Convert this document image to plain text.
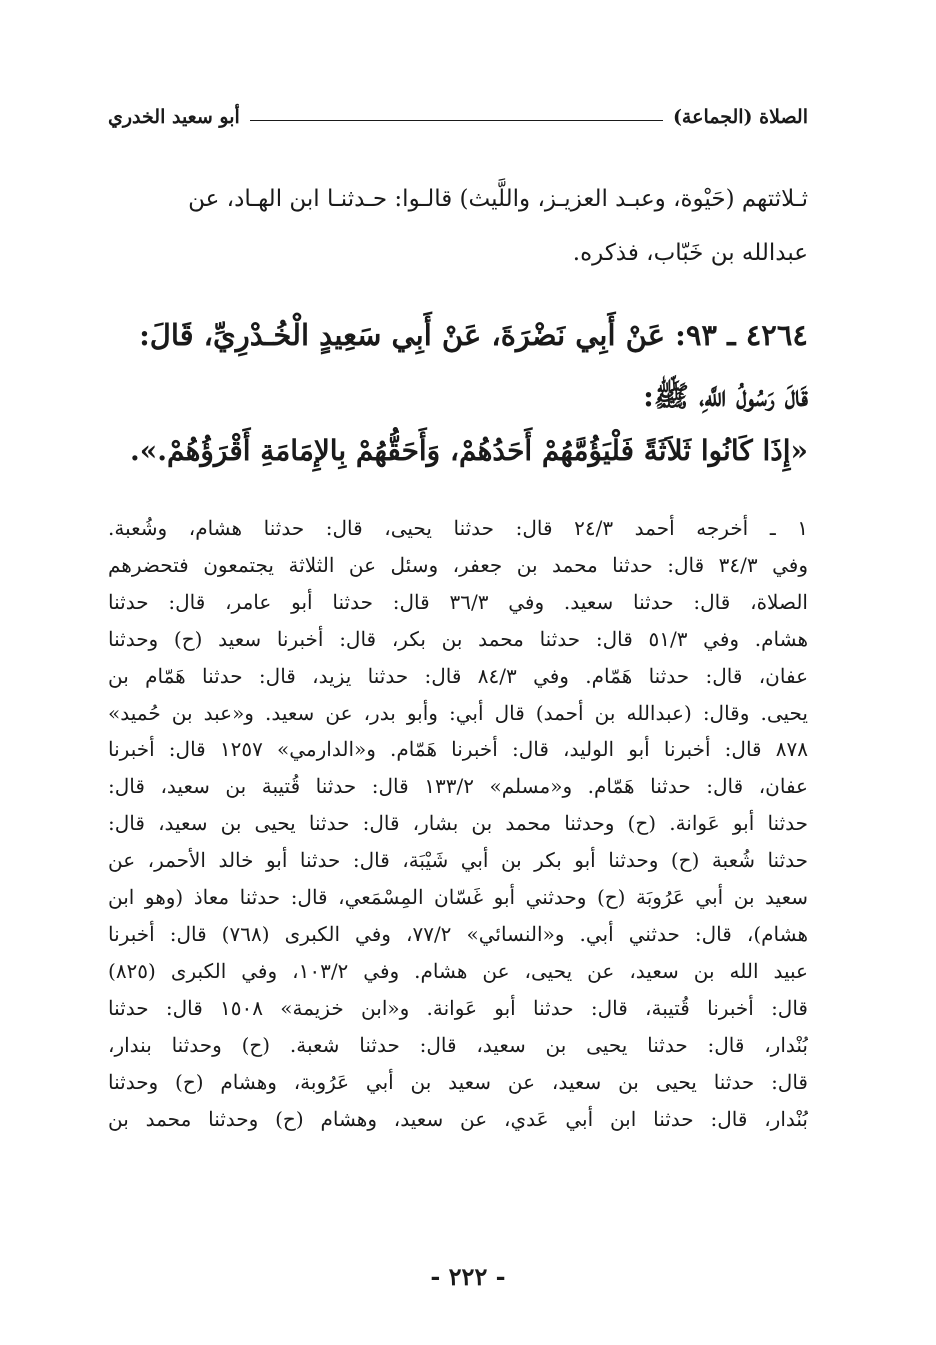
الصلاة (الجماعة)
أبو سعيد الخدري

ثـلاثتهم (حَيْوة، وعبـد العزيـز، واللَّيث) قالـوا: حـدثنـا ابن الهـاد، عن

عبدالله بن خَبّاب، فذكره.

٤٢٦٤ ـ ٩٣: عَنْ أَبِي نَضْرَةَ، عَنْ أَبِي سَعِيدٍ الْخُـدْرِيِّ، قَالَ:

قَالَ رَسُولُ اللَّهِ، ﷺ:

«إِذَا كَانُوا ثَلاَثَةً فَلْيَؤُمَّهُمْ أَحَدُهُمْ، وَأَحَقُّهُمْ بِالإِمَامَةِ أَقْرَؤُهُمْ.».

١ ـ أخرجه أحمد ٢٤/٣ قال: حدثنا يحيى، قال: حدثنا هشام، وشُعبة.

وفي ٣٤/٣ قال: حدثنا محمد بن جعفر، وسئل عن الثلاثة يجتمعون فتحضرهم

الصلاة، قال: حدثنا سعيد. وفي ٣٦/٣ قال: حدثنا أبو عامر، قال: حدثنا

هشام. وفي ٥١/٣ قال: حدثنا محمد بن بكر، قال: أخبرنا سعيد (ح) وحدثنا

عفان، قال: حدثنا هَمّام. وفي ٨٤/٣ قال: حدثنا يزيد، قال: حدثنا هَمّام بن

يحيى. وقال: (عبدالله بن أحمد) قال أبي: وأبو بدر، عن سعيد. و«عبد بن حُميد»

٨٧٨ قال: أخبرنا أبو الوليد، قال: أخبرنا هَمّام. و«الدارمي» ١٢٥٧ قال: أخبرنا

عفان، قال: حدثنا هَمّام. و«مسلم» ١٣٣/٢ قال: حدثنا قُتيبة بن سعيد، قال:

حدثنا أبو عَوانة. (ح) وحدثنا محمد بن بشار، قال: حدثنا يحيى بن سعيد، قال:

حدثنا شُعبة (ح) وحدثنا أبو بكر بن أبي شَيْبَة، قال: حدثنا أبو خالد الأحمر، عن

سعيد بن أبي عَرُوبَة (ح) وحدثني أبو غَسّان المِسْمَعي، قال: حدثنا معاذ (وهو ابن

هشام)، قال: حدثني أبي. و«النسائي» ٧٧/٢، وفي الكبرى (٧٦٨) قال: أخبرنا

عبيد الله بن سعيد، عن يحيى، عن هشام. وفي ١٠٣/٢، وفي الكبرى (٨٢٥)

قال: أخبرنا قُتيبة، قال: حدثنا أبو عَوانة. و«ابن خزيمة» ١٥٠٨ قال: حدثنا

بُنْدار، قال: حدثنا يحيى بن سعيد، قال: حدثنا شعبة. (ح) وحدثنا بندار،

قال: حدثنا يحيى بن سعيد، عن سعيد بن أبي عَرُوبة، وهشام (ح) وحدثنا

بُنْدار، قال: حدثنا ابن أبي عَدي، عن سعيد، وهشام (ح) وحدثنا محمد بن

- ٢٢٢ -
